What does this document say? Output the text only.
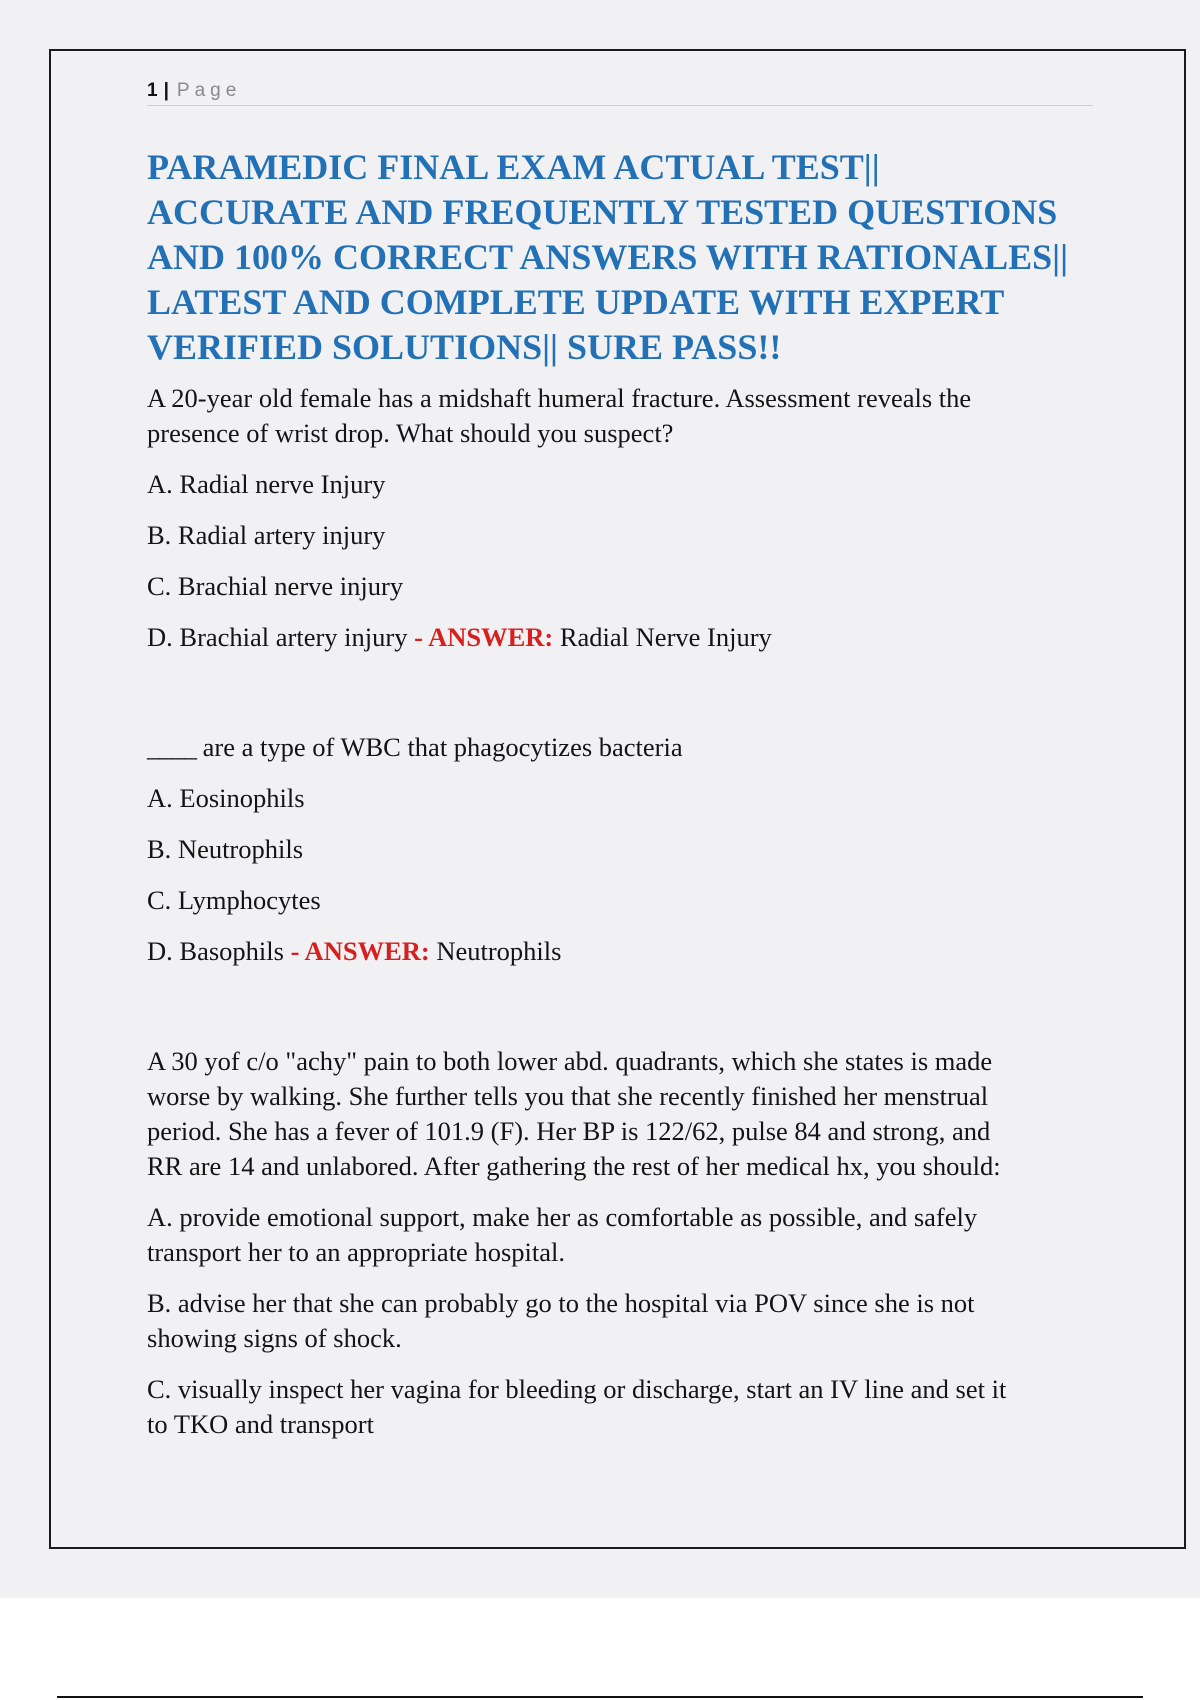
1 | Page
PARAMEDIC FINAL EXAM ACTUAL TEST||
ACCURATE AND FREQUENTLY TESTED QUESTIONS
AND 100% CORRECT ANSWERS WITH RATIONALES||
LATEST AND COMPLETE UPDATE WITH EXPERT
VERIFIED SOLUTIONS|| SURE PASS!!

A 20-year old female has a midshaft humeral fracture. Assessment reveals the
presence of wrist drop. What should you suspect?

A. Radial nerve Injury

B. Radial artery injury

C. Brachial nerve injury

D. Brachial artery injury - ANSWER: Radial Nerve Injury

____ are a type of WBC that phagocytizes bacteria

A. Eosinophils

B. Neutrophils

C. Lymphocytes

D. Basophils - ANSWER: Neutrophils

A 30 yof c/o "achy" pain to both lower abd. quadrants, which she states is made
worse by walking. She further tells you that she recently finished her menstrual
period. She has a fever of 101.9 (F). Her BP is 122/62, pulse 84 and strong, and
RR are 14 and unlabored. After gathering the rest of her medical hx, you should:

A. provide emotional support, make her as comfortable as possible, and safely
transport her to an appropriate hospital.

B. advise her that she can probably go to the hospital via POV since she is not
showing signs of shock.

C. visually inspect her vagina for bleeding or discharge, start an IV line and set it
to TKO and transport
